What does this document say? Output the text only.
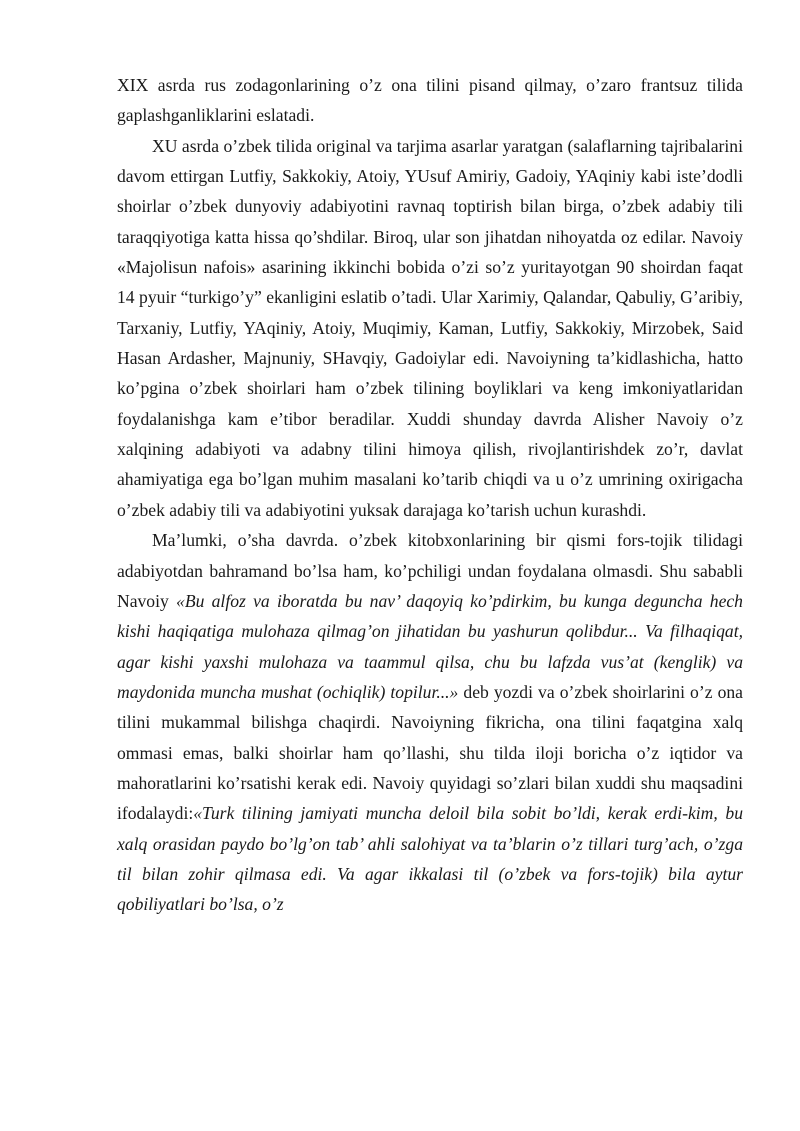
XIX asrda rus zodagonlarining o’z ona tilini pisand qilmay, o’zaro frantsuz tilida gaplashganliklarini eslatadi.

XU asrda o’zbek tilida original va tarjima asarlar yaratgan (salaflarning tajribalarini davom ettirgan Lutfiy, Sakkokiy, Atoiy, YUsuf Amiriy, Gadoiy, YAqiniy kabi iste’dodli shoirlar o’zbek dunyoviy adabiyotini ravnaq toptirish bilan birga, o’zbek adabiy tili taraqqiyotiga katta hissa qo’shdilar. Biroq, ular son jihatdan nihoyatda oz edilar. Navoiy «Majolisun nafois» asarining ikkinchi bobida o’zi so’z yuritayotgan 90 shoirdan faqat 14 pyuir “turkigo’y” ekanligini eslatib o’tadi. Ular Xarimiy, Qalandar, Qabuliy, G’aribiy, Tarxaniy, Lutfiy, YAqiniy, Atoiy, Muqimiy, Kaman, Lutfiy, Sakkokiy, Mirzobek, Said Hasan Ardasher, Majnuniy, SHavqiy, Gadoiylar edi. Navoiyning ta’kidlashicha, hatto ko’pgina o’zbek shoirlari ham o’zbek tilining boyliklari va keng imkoniyatlaridan foydalanishga kam e’tibor beradilar. Xuddi shunday davrda Alisher Navoiy o’z xalqining adabiyoti va adabny tilini himoya qilish, rivojlantirishdek zo’r, davlat ahamiyatiga ega bo’lgan muhim masalani ko’tarib chiqdi va u o’z umrining oxirigacha o’zbek adabiy tili va adabiyotini yuksak darajaga ko’tarish uchun kurashdi.

Ma’lumki, o’sha davrda. o’zbek kitobxonlarining bir qismi fors-tojik tilidagi adabiyotdan bahramand bo’lsa ham, ko’pchiligi undan foydalana olmasdi. Shu sababli Navoiy «Bu alfoz va iboratda bu nav’ daqoyiq ko’pdirkim, bu kunga deguncha hech kishi haqiqatiga mulohaza qilmag’on jihatidan bu yashurun qolibdur... Va filhaqiqat, agar kishi yaxshi mulohaza va taammul qilsa, chu bu lafzda vus’at (kenglik) va maydonida muncha mushat (ochiqlik) topilur...» deb yozdi va o’zbek shoirlarini o’z ona tilini mukammal bilishga chaqirdi. Navoiyning fikricha, ona tilini faqatgina xalq ommasi emas, balki shoirlar ham qo’llashi, shu tilda iloji boricha o’z iqtidor va mahoratlarini ko’rsatishi kerak edi. Navoiy quyidagi so’zlari bilan xuddi shu maqsadini ifodalaydi:«Turk tilining jamiyati muncha deloil bila sobit bo’ldi, kerak erdi-kim, bu xalq orasidan paydo bo’lg’on tab’ ahli salohiyat va ta’blarin o’z tillari turg’ach, o’zga til bilan zohir qilmasa edi. Va agar ikkalasi til (o’zbek va fors-tojik) bila aytur qobiliyatlari bo’lsa, o’z
